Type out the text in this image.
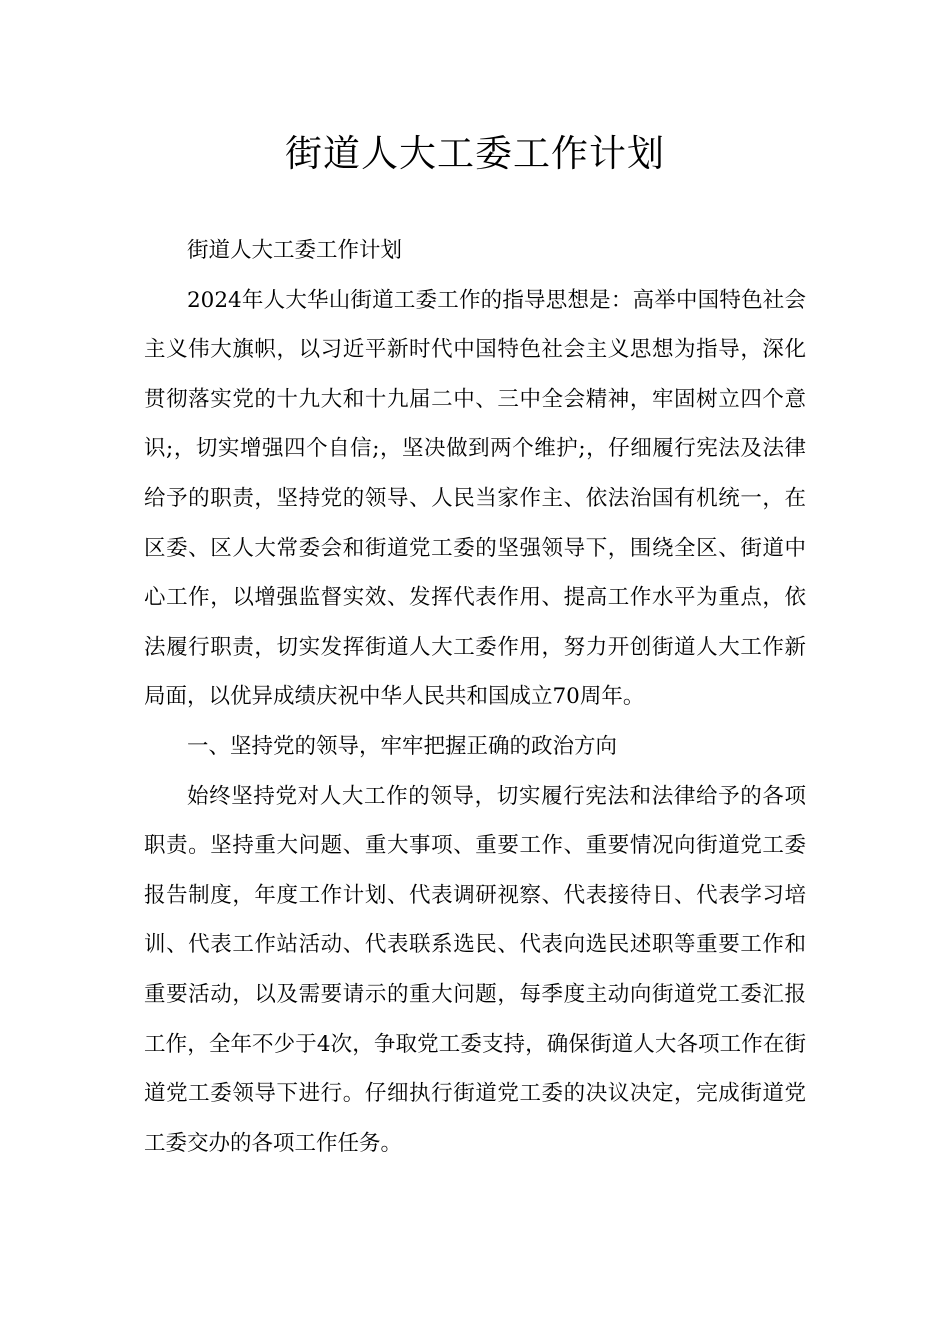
街道人大工委工作计划

街道人大工委工作计划

2024年人大华山街道工委工作的指导思想是：高举中国特色社会主义伟大旗帜，以习近平新时代中国特色社会主义思想为指导，深化贯彻落实党的十九大和十九届二中、三中全会精神，牢固树立四个意识;，切实增强四个自信;，坚决做到两个维护;，仔细履行宪法及法律给予的职责，坚持党的领导、人民当家作主、依法治国有机统一，在区委、区人大常委会和街道党工委的坚强领导下，围绕全区、街道中心工作，以增强监督实效、发挥代表作用、提高工作水平为重点，依法履行职责，切实发挥街道人大工委作用，努力开创街道人大工作新局面，以优异成绩庆祝中华人民共和国成立70周年。

一、坚持党的领导，牢牢把握正确的政治方向

始终坚持党对人大工作的领导，切实履行宪法和法律给予的各项职责。坚持重大问题、重大事项、重要工作、重要情况向街道党工委报告制度，年度工作计划、代表调研视察、代表接待日、代表学习培训、代表工作站活动、代表联系选民、代表向选民述职等重要工作和重要活动，以及需要请示的重大问题，每季度主动向街道党工委汇报工作，全年不少于4次，争取党工委支持，确保街道人大各项工作在街道党工委领导下进行。仔细执行街道党工委的决议决定，完成街道党工委交办的各项工作任务。
